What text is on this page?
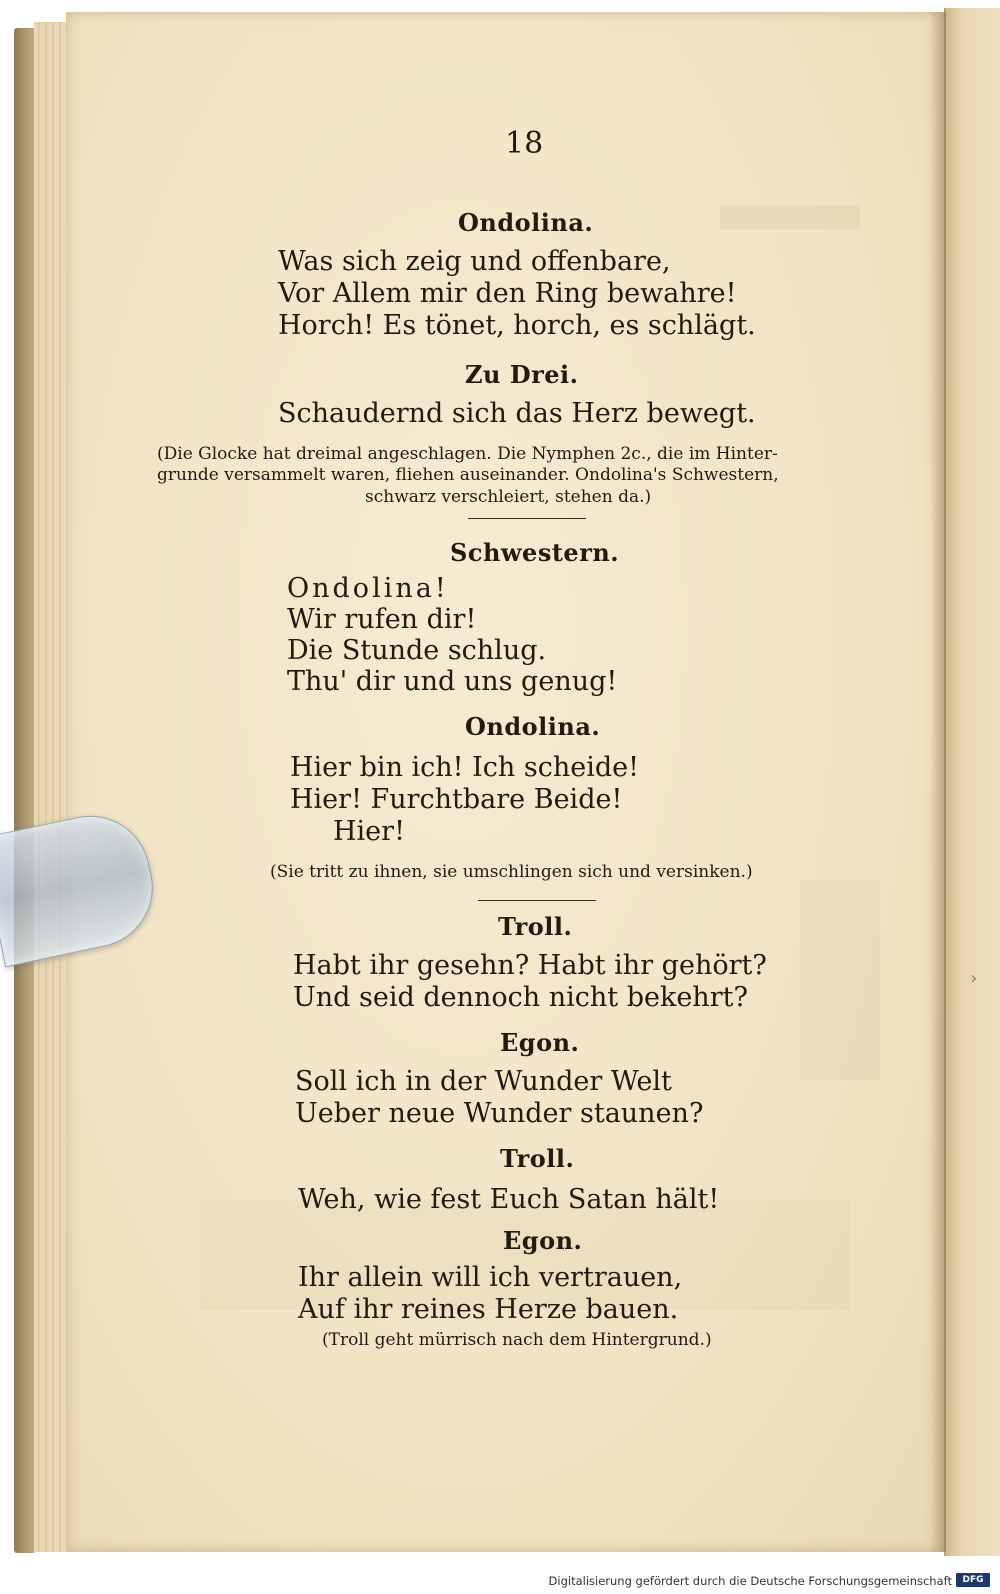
18
Ondolina.
Was sich zeig und offenbare,
Vor Allem mir den Ring bewahre!
Horch! Es tönet, horch, es schlägt.
Zu Drei.
Schaudernd sich das Herz bewegt.
(Die Glocke hat dreimal angeschlagen. Die Nymphen 2c., die im Hinter-
grunde versammelt waren, fliehen auseinander. Ondolina's Schwestern,
schwarz verschleiert, stehen da.)
Schwestern.
Ondolina!
Wir rufen dir!
Die Stunde schlug.
Thu' dir und uns genug!
Ondolina.
Hier bin ich! Ich scheide!
Hier! Furchtbare Beide!
Hier!
(Sie tritt zu ihnen, sie umschlingen sich und versinken.)
Troll.
Habt ihr gesehn? Habt ihr gehört?
Und seid dennoch nicht bekehrt?
Egon.
Soll ich in der Wunder Welt
Ueber neue Wunder staunen?
Troll.
Weh, wie fest Euch Satan hält!
Egon.
Ihr allein will ich vertrauen,
Auf ihr reines Herze bauen.
(Troll geht mürrisch nach dem Hintergrund.)
›
Digitalisierung gefördert durch die Deutsche Forschungsgemeinschaft	DFG
